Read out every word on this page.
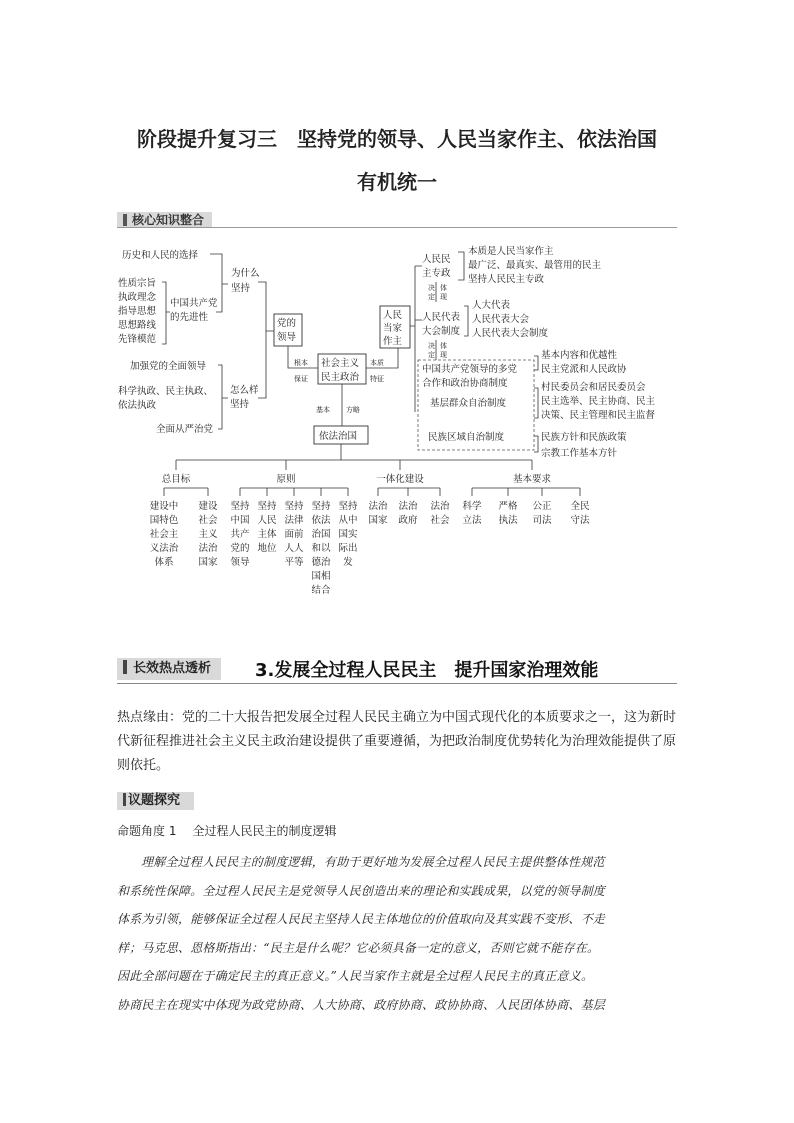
阶段提升复习三　坚持党的领导、人民当家作主、依法治国
有机统一
核心知识整合
历史和人民的选择
性质宗旨
执政理念
指导思想
思想路线
先锋模范
中国共产党
的先进性
为什么
坚持
加强党的全面领导
科学执政、民主执政、
依法执政
全面从严治党
怎么样
坚持
党的
领导
根本
保证
社会主义
民主政治
本质
特征
基本 方略
依法治国
人民
当家
作主
人民民
主专政
本质是人民当家作主
最广泛、最真实、最管用的民主
坚持人民民主专政
决
定
体
现
人民代表
大会制度
人大代表
人民代表大会
人民代表大会制度
决
定
体
现
中国共产党领导的多党
合作和政治协商制度
基层群众自治制度
民族区域自治制度
基本内容和优越性
民主党派和人民政协
村民委员会和居民委员会
民主选举、民主协商、民主
决策、民主管理和民主监督
民族方针和民族政策
宗教工作基本方针
总目标	原则	一体化建设	基本要求
建设中
国特色
社会主
义法治
体系
建设
社会
主义
法治
国家
坚持
中国
共产
党的
领导
坚持
人民
主体
地位
坚持
法律
面前
人人
平等
坚持
依法
治国
和以
德治
国相
结合
坚持
从中
国实
际出
发
法治
国家
法治
政府
法治
社会
科学
立法
严格
执法
公正
司法
全民
守法
长效热点透析	3.发展全过程人民民主　提升国家治理效能
热点缘由：党的二十大报告把发展全过程人民民主确立为中国式现代化的本质要求之一，这为新时代新征程推进社会主义民主政治建设提供了重要遵循，为把政治制度优势转化为治理效能提供了原则依托。
议题探究
命题角度 1 全过程人民民主的制度逻辑
理解全过程人民民主的制度逻辑，有助于更好地为发展全过程人民民主提供整体性规范
和系统性保障。全过程人民民主是党领导人民创造出来的理论和实践成果，以党的领导制度
体系为引领，能够保证全过程人民民主坚持人民主体地位的价值取向及其实践不变形、不走
样；马克思、恩格斯指出：“民主是什么呢？它必须具备一定的意义，否则它就不能存在。
因此全部问题在于确定民主的真正意义。”人民当家作主就是全过程人民民主的真正意义。
协商民主在现实中体现为政党协商、人大协商、政府协商、政协协商、人民团体协商、基层
